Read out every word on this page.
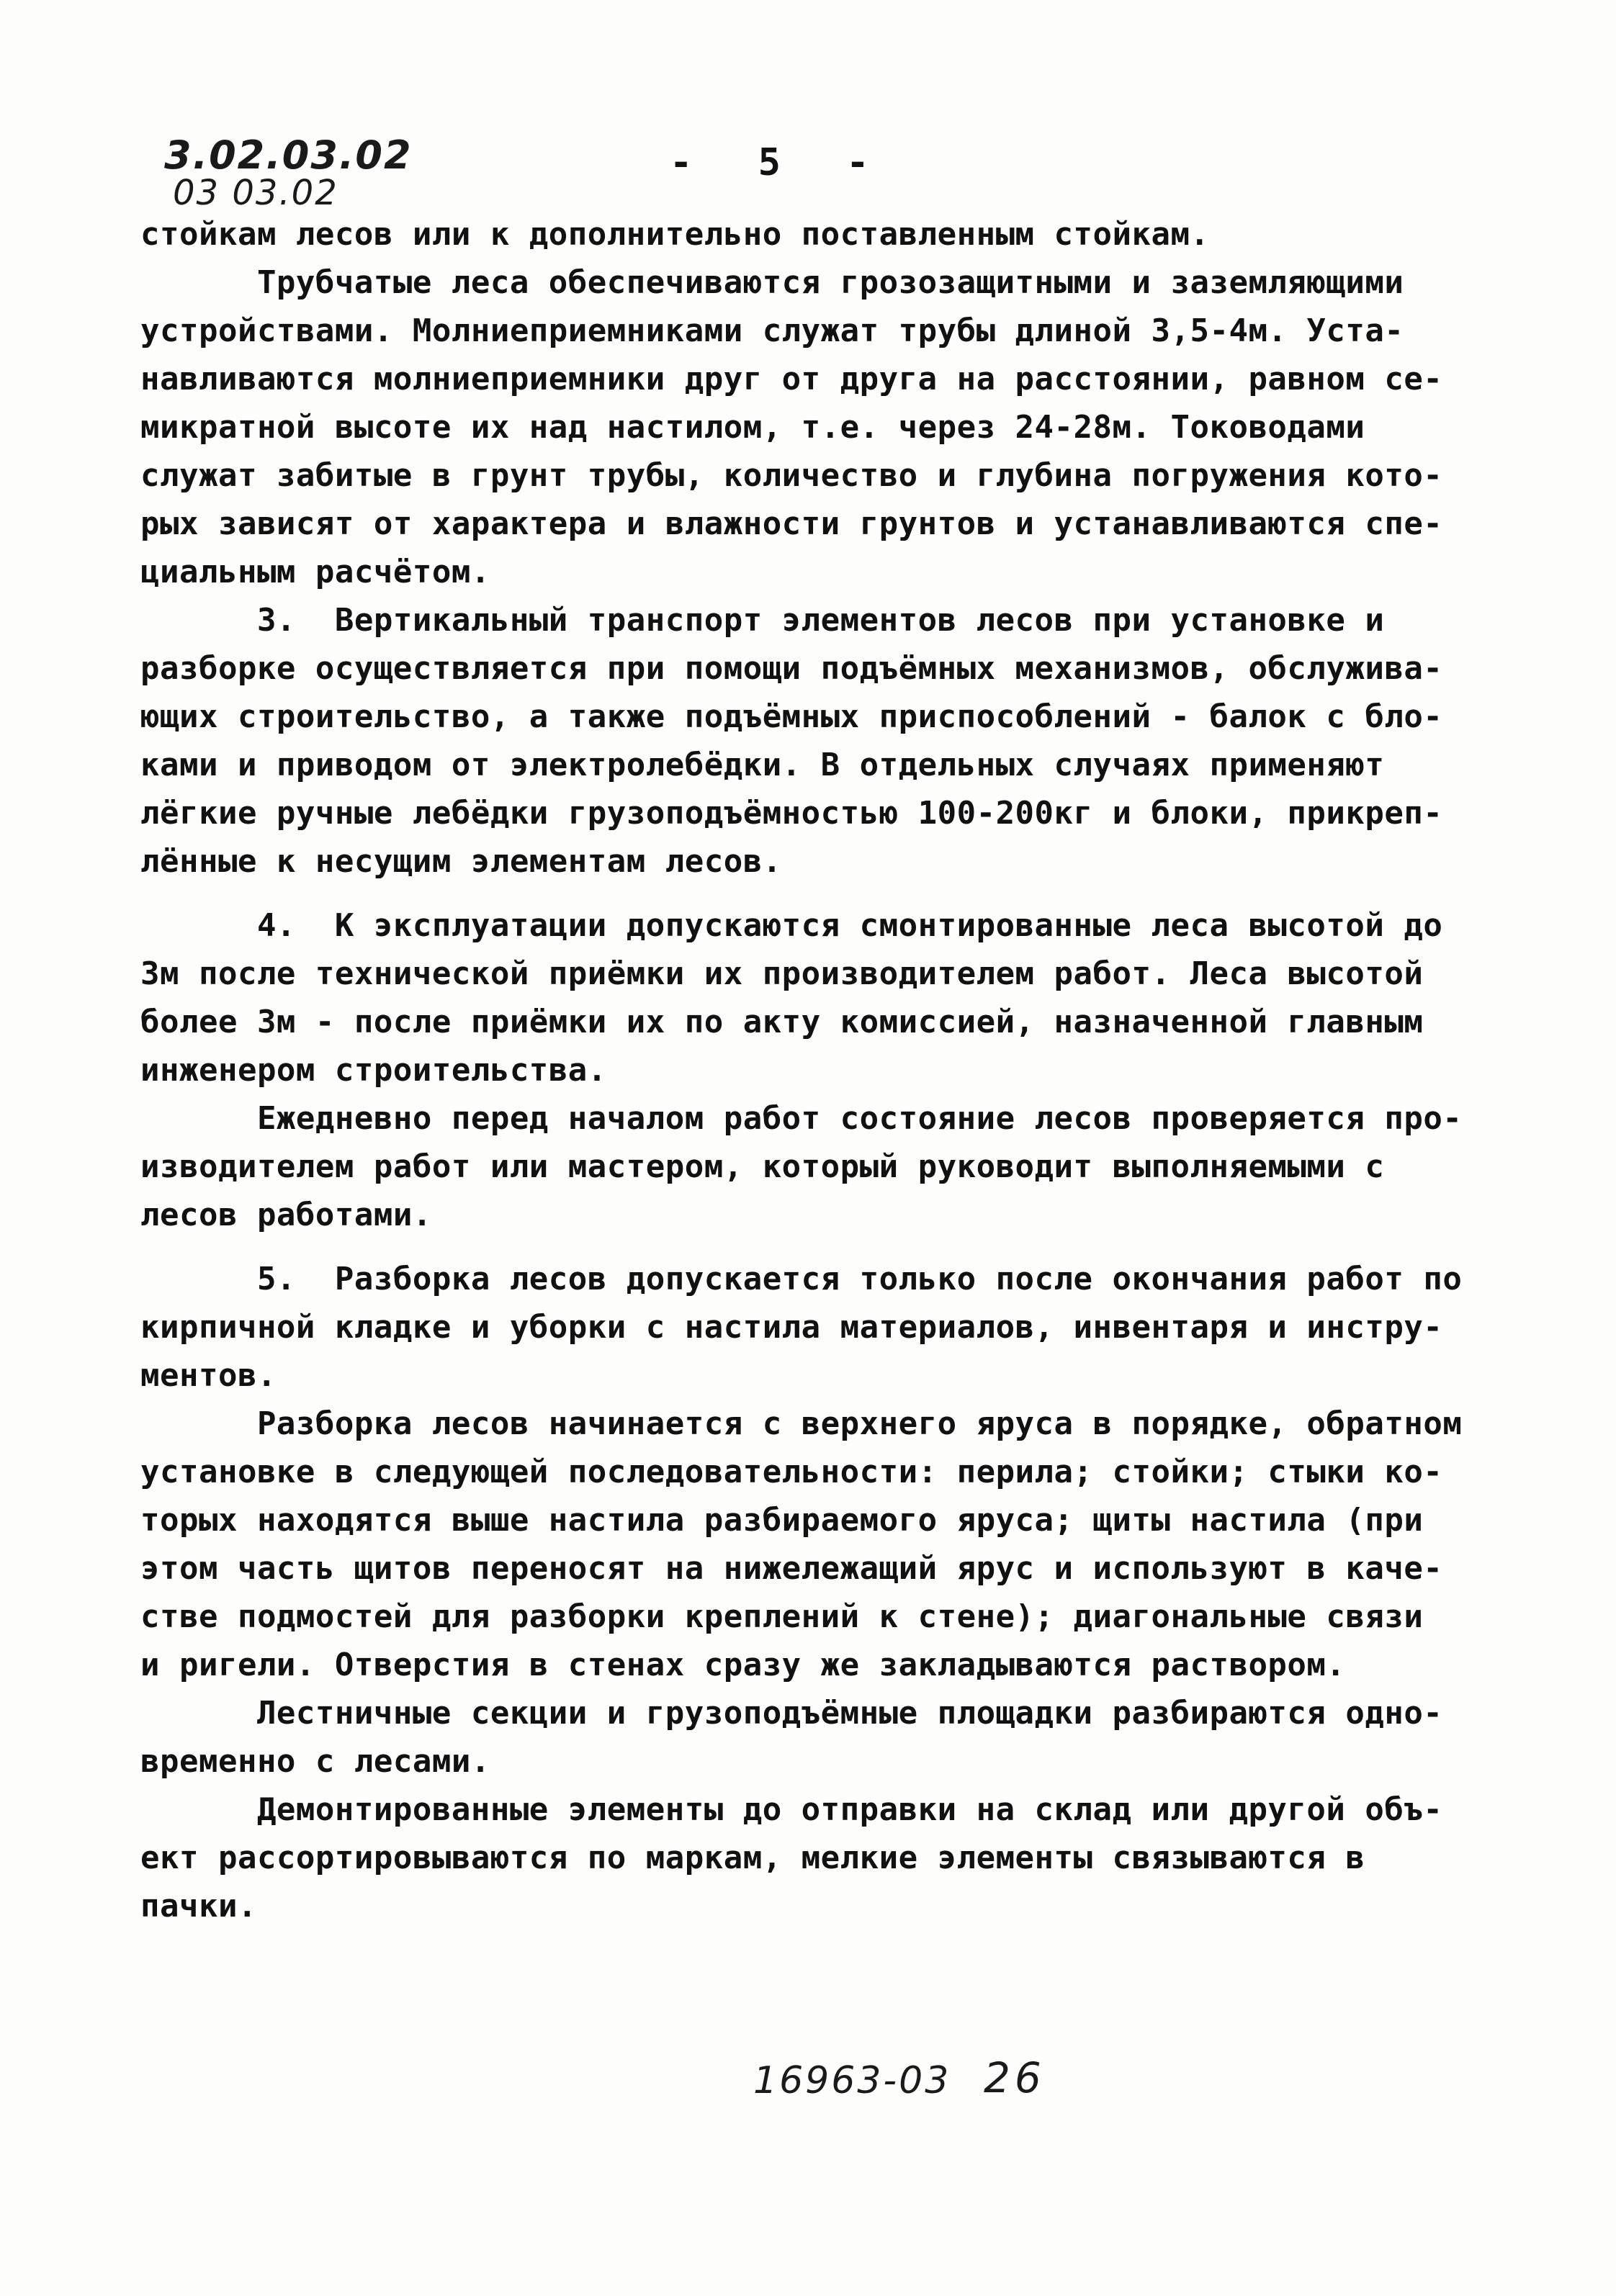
3.02.03.02
03 03.02
- 5 -
стойкам лесов или к дополнительно поставленным стойкам.
Трубчатые леса обеспечиваются грозозащитными и заземляющими
устройствами. Молниеприемниками служат трубы длиной 3,5-4м. Уста-
навливаются молниеприемники друг от друга на расстоянии, равном се-
микратной высоте их над настилом, т.е. через 24-28м. Тоководами
служат забитые в грунт трубы, количество и глубина погружения кото-
рых зависят от характера и влажности грунтов и устанавливаются спе-
циальным расчётом.
3.  Вертикальный транспорт элементов лесов при установке и
разборке осуществляется при помощи подъёмных механизмов, обслужива-
ющих строительство, а также подъёмных приспособлений - балок с бло-
ками и приводом от электролебёдки. В отдельных случаях применяют
лёгкие ручные лебёдки грузоподъёмностью 100-200кг и блоки, прикреп-
лённые к несущим элементам лесов.
4.  К эксплуатации допускаются смонтированные леса высотой до
3м после технической приёмки их производителем работ. Леса высотой
более 3м - после приёмки их по акту комиссией, назначенной главным
инженером строительства.
Ежедневно перед началом работ состояние лесов проверяется про-
изводителем работ или мастером, который руководит выполняемыми с
лесов работами.
5.  Разборка лесов допускается только после окончания работ по
кирпичной кладке и уборки с настила материалов, инвентаря и инстру-
ментов.
Разборка лесов начинается с верхнего яруса в порядке, обратном
установке в следующей последовательности: перила; стойки; стыки ко-
торых находятся выше настила разбираемого яруса; щиты настила (при
этом часть щитов переносят на нижележащий ярус и используют в каче-
стве подмостей для разборки креплений к стене); диагональные связи
и ригели. Отверстия в стенах сразу же закладываются раствором.
Лестничные секции и грузоподъёмные площадки разбираются одно-
временно с лесами.
Демонтированные элементы до отправки на склад или другой объ-
ект рассортировываются по маркам, мелкие элементы связываются в
пачки.
16963-03 26
